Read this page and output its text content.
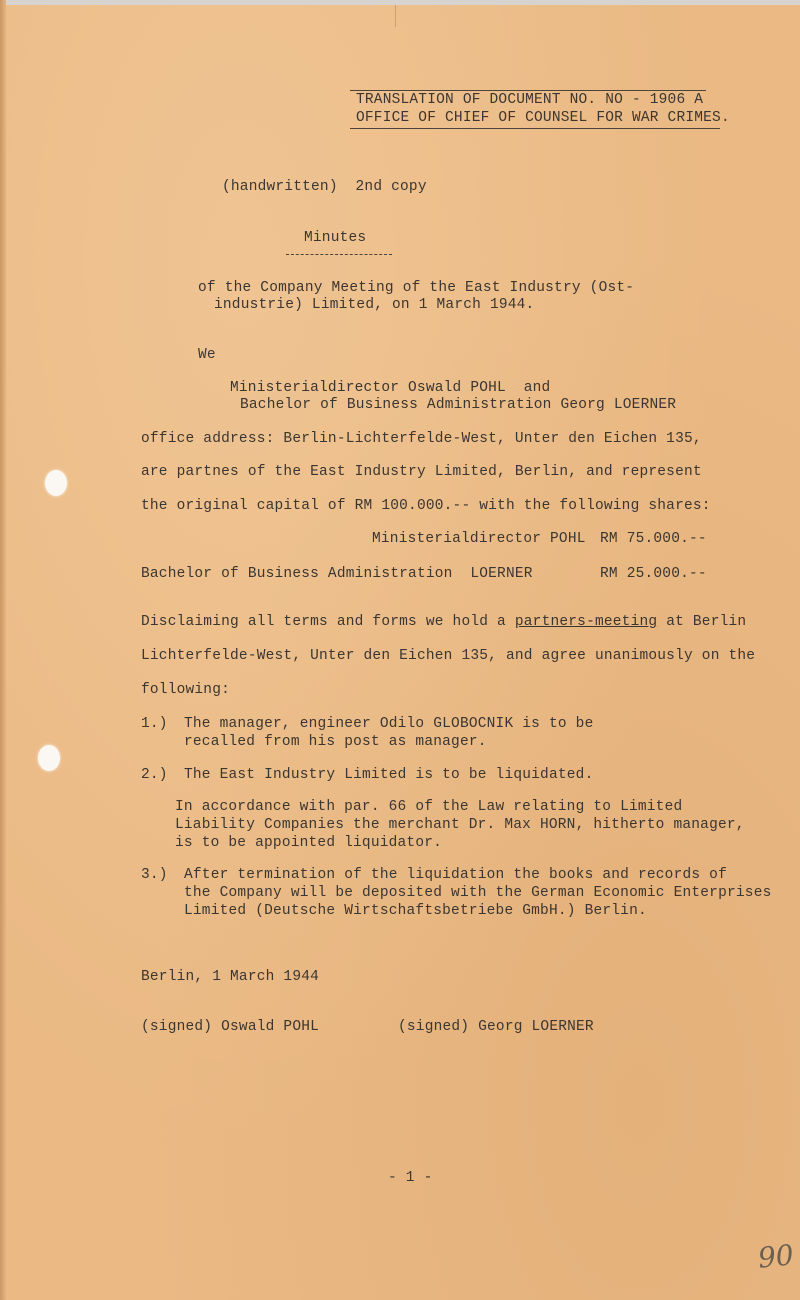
TRANSLATION OF DOCUMENT NO. NO - 1906 A
OFFICE OF CHIEF OF COUNSEL FOR WAR CRIMES.
(handwritten)  2nd copy
Minutes
of the Company Meeting of the East Industry (Ost-
industrie) Limited, on 1 March 1944.
We
Ministerialdirector Oswald POHL  and
Bachelor of Business Administration Georg LOERNER
office address: Berlin-Lichterfelde-West, Unter den Eichen 135,
are partnes of the East Industry Limited, Berlin, and represent
the original capital of RM 100.000.-- with the following shares:
Ministerialdirector POHL RM 75.000.--
Bachelor of Business Administration  LOERNER	RM 25.000.--
Disclaiming all terms and forms we hold a partners-meeting at Berlin
Lichterfelde-West, Unter den Eichen 135, and agree unanimously on the
following:
1.) The manager, engineer Odilo GLOBOCNIK is to be
recalled from his post as manager.
2.) The East Industry Limited is to be liquidated.
In accordance with par. 66 of the Law relating to Limited
Liability Companies the merchant Dr. Max HORN, hitherto manager,
is to be appointed liquidator.
3.) After termination of the liquidation the books and records of
the Company will be deposited with the German Economic Enterprises
Limited (Deutsche Wirtschaftsbetriebe GmbH.) Berlin.
Berlin, 1 March 1944
(signed) Oswald POHL	(signed) Georg LOERNER
- 1 -
90
